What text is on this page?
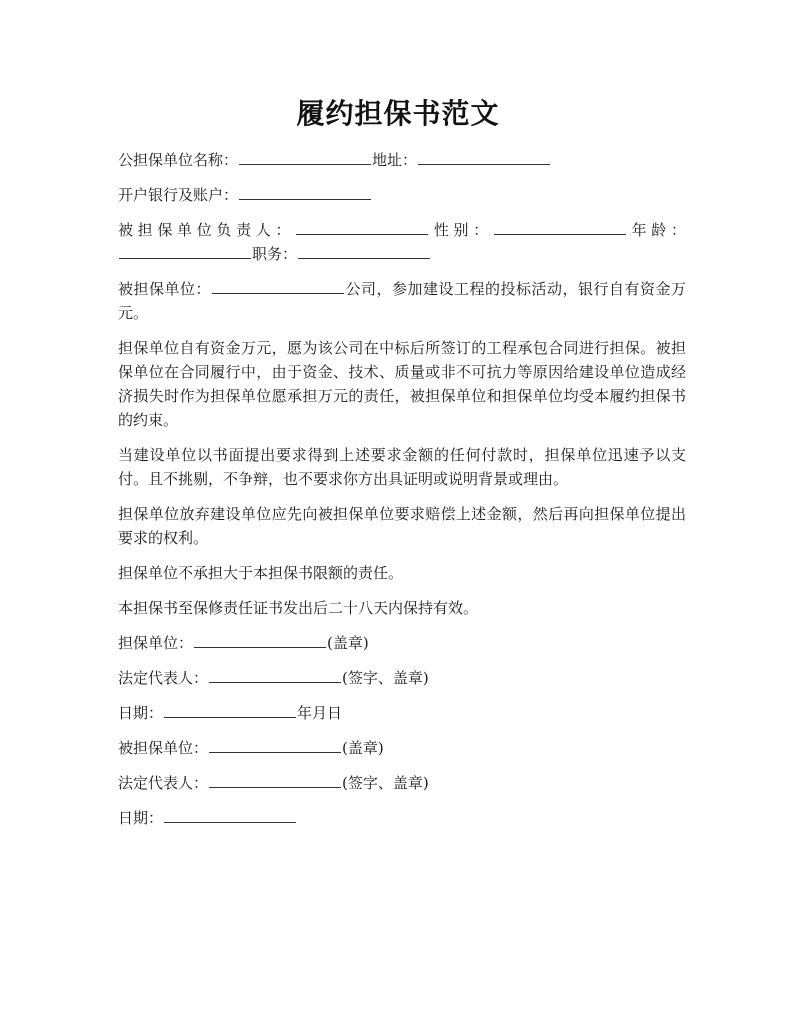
履约担保书范文

公担保单位名称：	地址：

开户银行及账户：

被担保单位负责人：	性别：	年龄：职务：

被担保单位：	公司，参加建设工程的投标活动，银行自有资金万元。

担保单位自有资金万元，愿为该公司在中标后所签订的工程承包合同进行担保。被担保单位在合同履行中，由于资金、技术、质量或非不可抗力等原因给建设单位造成经济损失时作为担保单位愿承担万元的责任，被担保单位和担保单位均受本履约担保书的约束。

当建设单位以书面提出要求得到上述要求金额的任何付款时，担保单位迅速予以支付。且不挑剔，不争辩，也不要求你方出具证明或说明背景或理由。

担保单位放弃建设单位应先向被担保单位要求赔偿上述金额，然后再向担保单位提出要求的权利。

担保单位不承担大于本担保书限额的责任。

本担保书至保修责任证书发出后二十八天内保持有效。

担保单位：	(盖章)

法定代表人：	(签字、盖章)

日期：	年月日

被担保单位：	(盖章)

法定代表人：	(签字、盖章)

日期：
